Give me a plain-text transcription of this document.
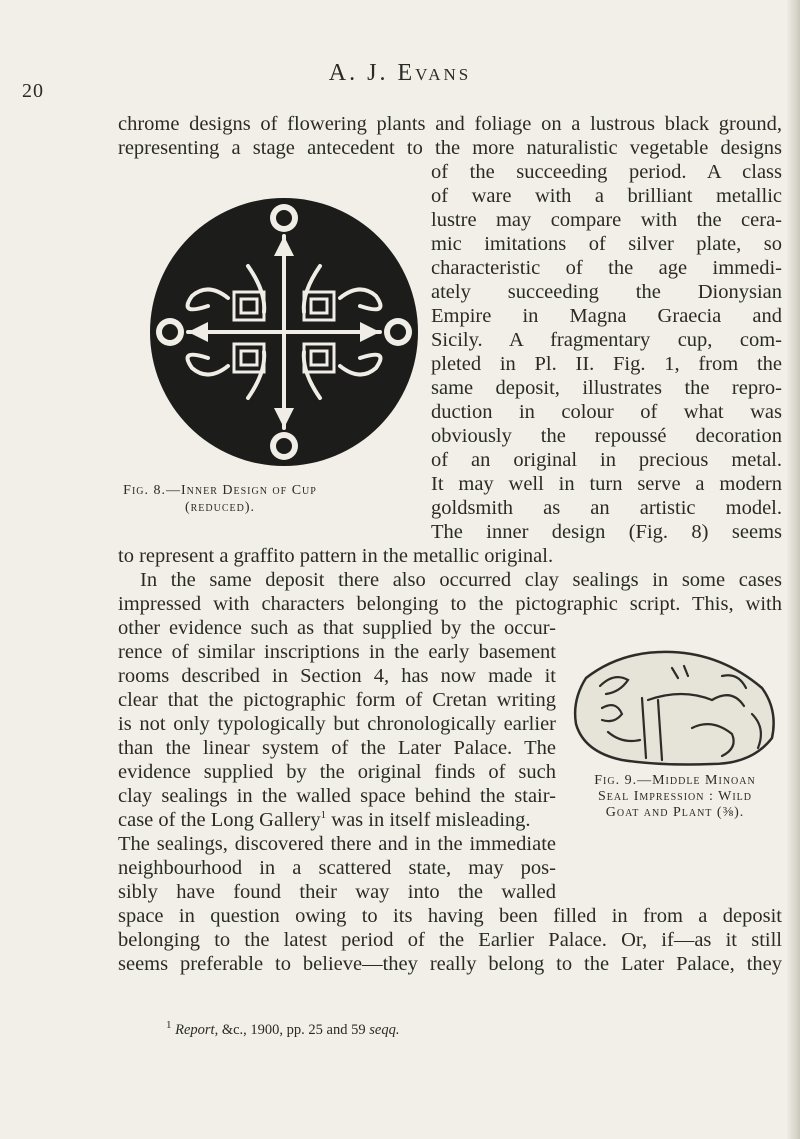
20
A. J. Evans
chrome designs of flowering plants and foliage on a lustrous black ground,
representing a stage antecedent to the more naturalistic vegetable designs
of the succeeding period. A class
of ware with a brilliant metallic
lustre may compare with the cera-
mic imitations of silver plate, so
characteristic of the age immedi-
ately succeeding the Dionysian
Empire in Magna Graecia and
Sicily. A fragmentary cup, com-
pleted in Pl. II. Fig. 1, from the
same deposit, illustrates the repro-
duction in colour of what was
obviously the repoussé decoration
of an original in precious metal.
It may well in turn serve a modern
goldsmith as an artistic model.
The inner design (Fig. 8) seems
to represent a graffito pattern in the metallic original.
In the same deposit there also occurred clay sealings in some cases
impressed with characters belonging to the pictographic script. This, with
other evidence such as that supplied by the occur-
rence of similar inscriptions in the early basement
rooms described in Section 4, has now made it
clear that the pictographic form of Cretan writing
is not only typologically but chronologically earlier
than the linear system of the Later Palace. The
evidence supplied by the original finds of such
clay sealings in the walled space behind the stair-
case of the Long Gallery$^1$ was in itself misleading.
The sealings, discovered there and in the immediate
neighbourhood in a scattered state, may pos-
sibly have found their way into the walled
space in question owing to its having been filled in from a deposit
belonging to the latest period of the Earlier Palace. Or, if—as it still
seems preferable to believe—they really belong to the Later Palace, they
Fig. 8.—Inner Design of Cup
(reduced).
Fig. 9.—Middle Minoan
Seal Impression : Wild
Goat and Plant (⅜).
$^1$ Report, &c., 1900, pp. 25 and 59 seqq.
